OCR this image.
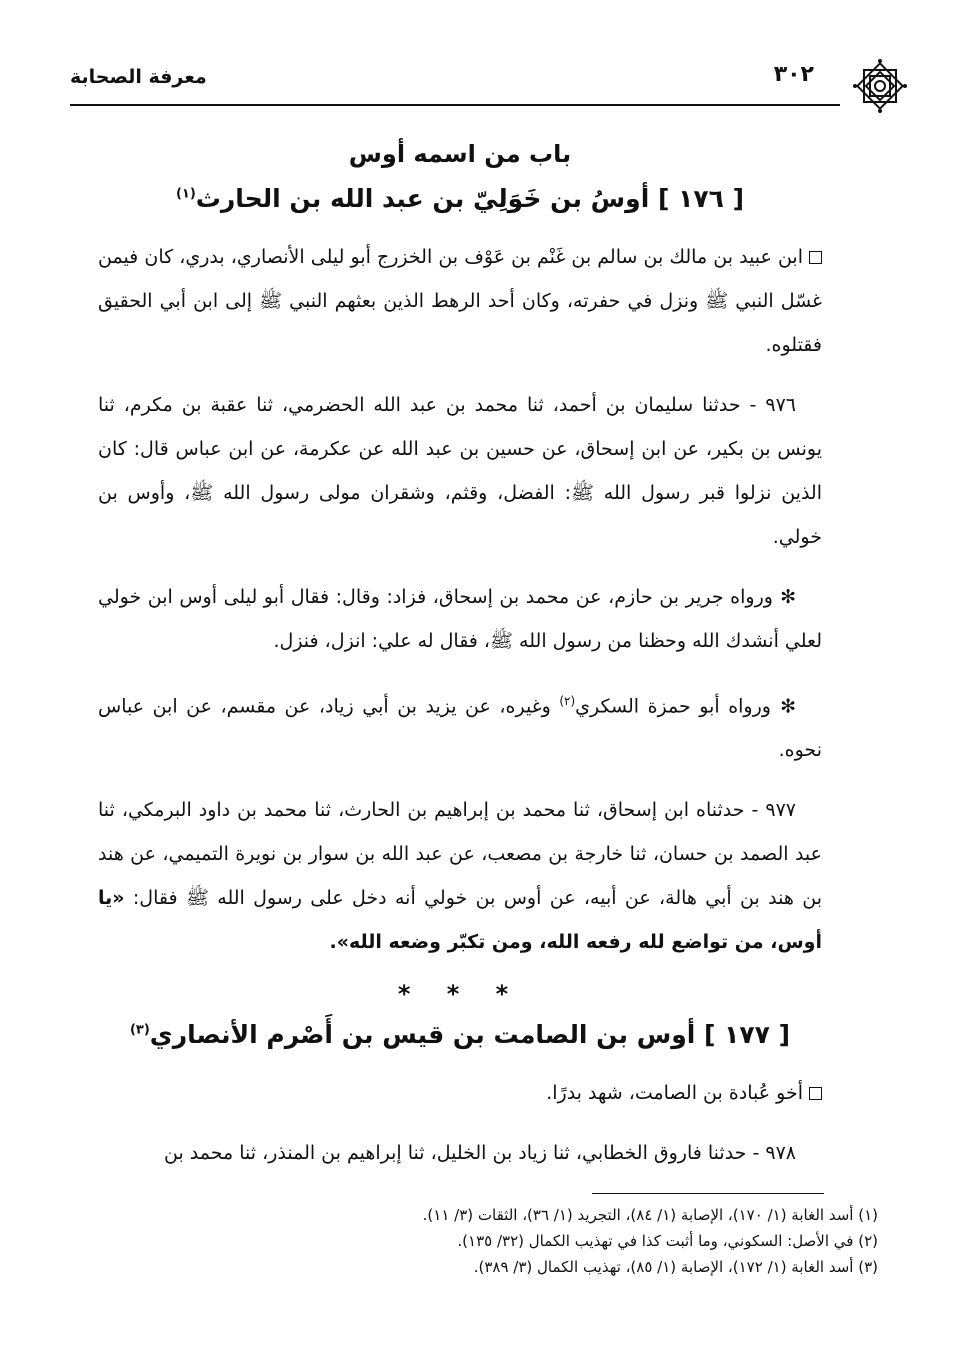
معرفة الصحابة	٣٠٢
باب من اسمه أوس
[ ١٧٦ ] أوسُ بن خَوَلِيّ بن عبد الله بن الحارث$^{(١)}$

ابن عبيد بن مالك بن سالم بن غَنْم بن عَوْف بن الخزرج أبو ليلى الأنصاري، بدري، كان فيمن غسّل النبي ﷺ ونزل في حفرته، وكان أحد الرهط الذين بعثهم النبي ﷺ إلى ابن أبي الحقيق فقتلوه.

٩٧٦ - حدثنا سليمان بن أحمد، ثنا محمد بن عبد الله الحضرمي، ثنا عقبة بن مكرم، ثنا يونس بن بكير، عن ابن إسحاق، عن حسين بن عبد الله عن عكرمة، عن ابن عباس قال: كان الذين نزلوا قبر رسول الله ﷺ: الفضل، وقثم، وشقران مولى رسول الله ﷺ، وأوس بن خولي.

✻ ورواه جرير بن حازم، عن محمد بن إسحاق، فزاد: وقال: فقال أبو ليلى أوس ابن خولي لعلي أنشدك الله وحظنا من رسول الله ﷺ، فقال له علي: انزل، فنزل.

✻ ورواه أبو حمزة السكري$^{(٢)}$ وغيره، عن يزيد بن أبي زياد، عن مقسم، عن ابن عباس نحوه.

٩٧٧ - حدثناه ابن إسحاق، ثنا محمد بن إبراهيم بن الحارث، ثنا محمد بن داود البرمكي، ثنا عبد الصمد بن حسان، ثنا خارجة بن مصعب، عن عبد الله بن سوار بن نويرة التميمي، عن هند بن هند بن أبي هالة، عن أبيه، عن أوس بن خولي أنه دخل على رسول الله ﷺ فقال: «يا أوس، من تواضع لله رفعه الله، ومن تكبّر وضعه الله».

* * *
[ ١٧٧ ] أوس بن الصامت بن قيس بن أَصْرم الأنصاري$^{(٣)}$

أخو عُبادة بن الصامت، شهد بدرًا.

٩٧٨ - حدثنا فاروق الخطابي، ثنا زياد بن الخليل، ثنا إبراهيم بن المنذر، ثنا محمد بن

(١) أسد الغابة (١/ ١٧٠)، الإصابة (١/ ٨٤)، التجريد (١/ ٣٦)، الثقات (٣/ ١١).

(٢) في الأصل: السكوني، وما أثبت كذا في تهذيب الكمال (٣٢/ ١٣٥).

(٣) أسد الغابة (١/ ١٧٢)، الإصابة (١/ ٨٥)، تهذيب الكمال (٣/ ٣٨٩).
